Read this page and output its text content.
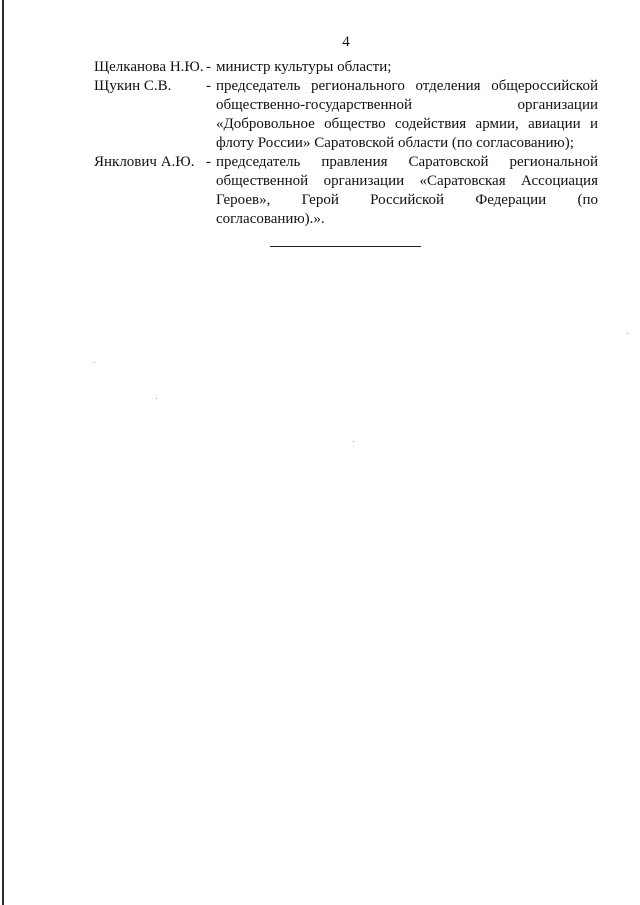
4
Щелканова Н.Ю. - министр культуры области;
Щукин С.В.	- председатель регионального отделения общероссийской общественно-государственной организации «Добровольное общество содействия армии, авиации и флоту России» Саратовской области (по согласованию);
Янклович А.Ю. - председатель правления Саратовской региональной общественной организации «Саратовская Ассоциация Героев», Герой Российской Федерации (по согласованию).».
